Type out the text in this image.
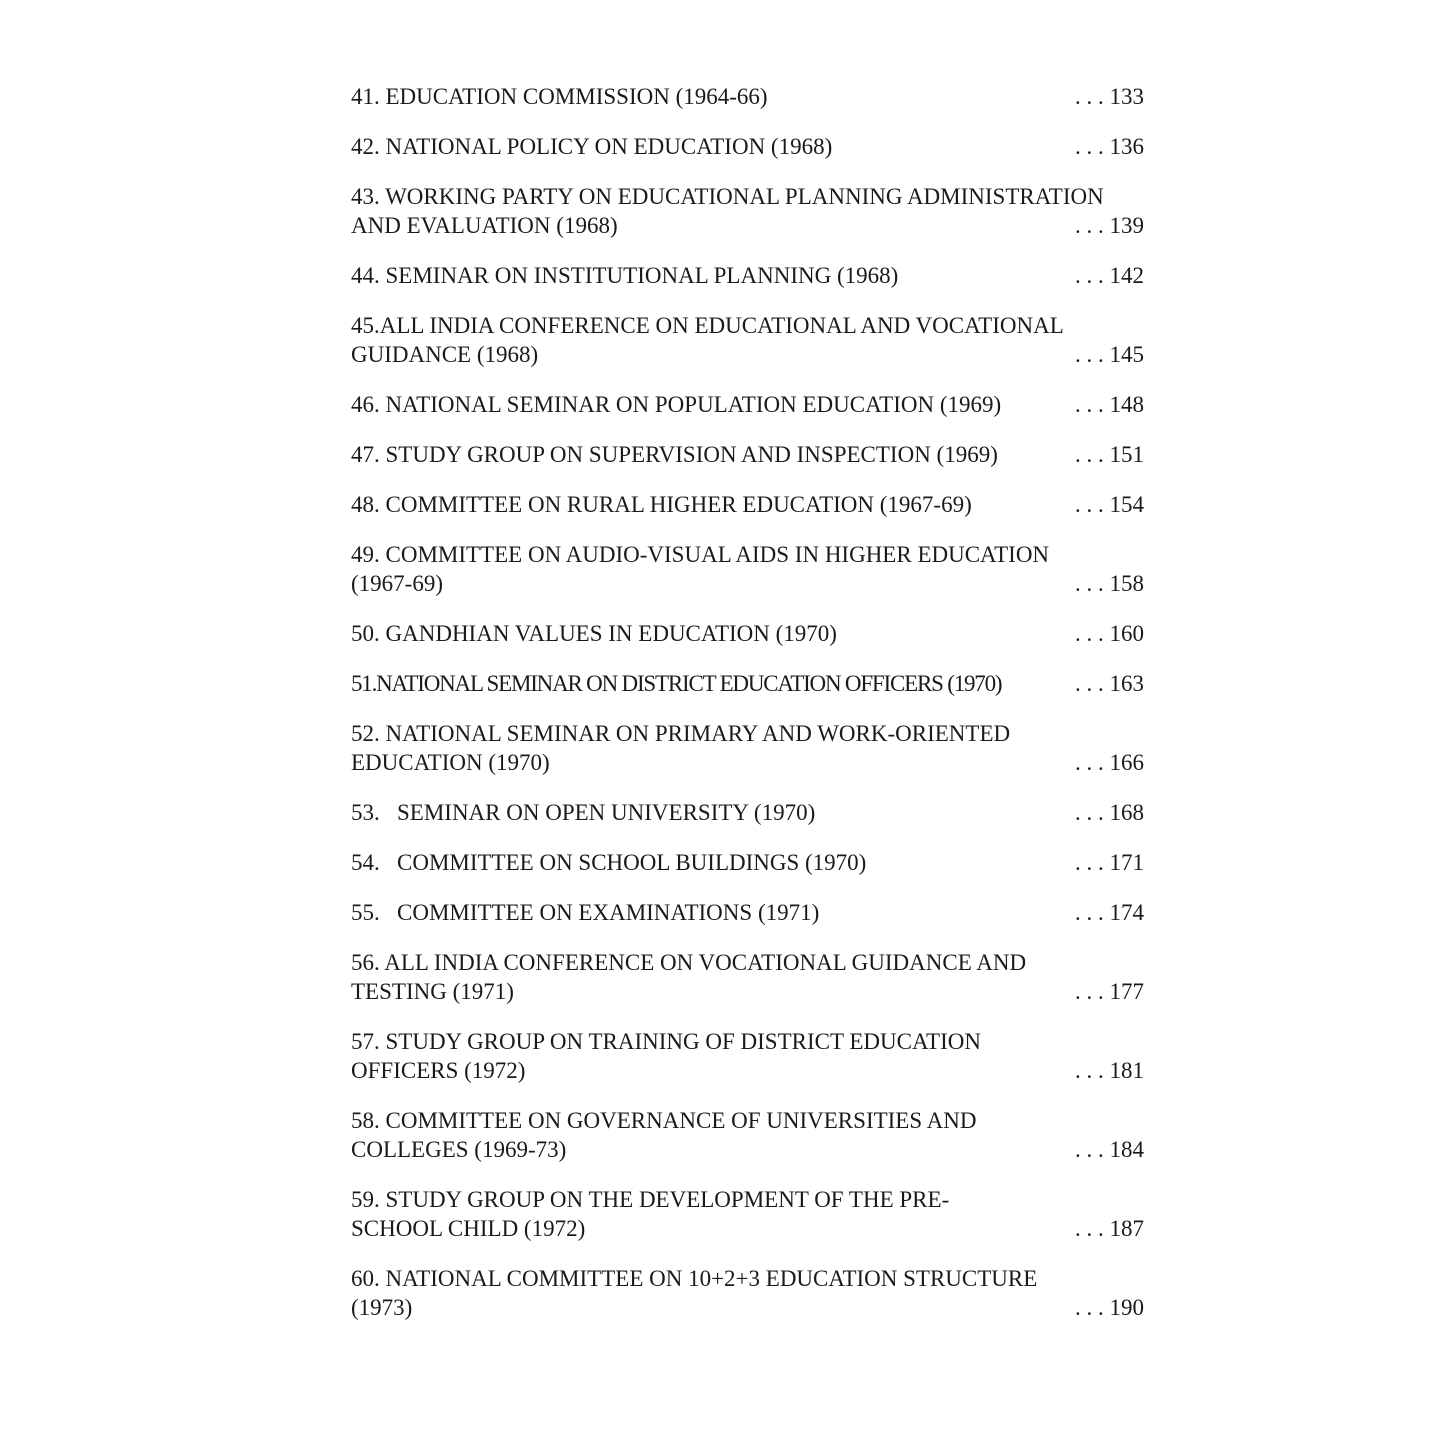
41. EDUCATION COMMISSION (1964-66)	. . . 133
42. NATIONAL POLICY ON EDUCATION (1968)	. . . 136
43. WORKING PARTY ON EDUCATIONAL PLANNING ADMINISTRATION
AND EVALUATION (1968)	. . . 139
44. SEMINAR ON INSTITUTIONAL PLANNING (1968)	. . . 142
45.ALL INDIA CONFERENCE ON EDUCATIONAL AND VOCATIONAL
GUIDANCE (1968)	. . . 145
46. NATIONAL SEMINAR ON POPULATION EDUCATION (1969)	. . . 148
47. STUDY GROUP ON SUPERVISION AND INSPECTION (1969)	. . . 151
48. COMMITTEE ON RURAL HIGHER EDUCATION (1967-69)	. . . 154
49. COMMITTEE ON AUDIO-VISUAL AIDS IN HIGHER EDUCATION
(1967-69)	. . . 158
50. GANDHIAN VALUES IN EDUCATION (1970)	. . . 160
51.NATIONAL SEMINAR ON DISTRICT EDUCATION OFFICERS (1970)	. . . 163
52. NATIONAL SEMINAR ON PRIMARY AND WORK-ORIENTED
EDUCATION (1970)	. . . 166
53.   SEMINAR ON OPEN UNIVERSITY (1970)	. . . 168
54.   COMMITTEE ON SCHOOL BUILDINGS (1970)	. . . 171
55.   COMMITTEE ON EXAMINATIONS (1971)	. . . 174
56. ALL INDIA CONFERENCE ON VOCATIONAL GUIDANCE AND
TESTING (1971)	. . . 177
57. STUDY GROUP ON TRAINING OF DISTRICT EDUCATION
OFFICERS (1972)	. . . 181
58. COMMITTEE ON GOVERNANCE OF UNIVERSITIES AND
COLLEGES (1969-73)	. . . 184
59. STUDY GROUP ON THE DEVELOPMENT OF THE PRE-
SCHOOL CHILD (1972)	. . . 187
60. NATIONAL COMMITTEE ON 10+2+3 EDUCATION STRUCTURE
(1973)	. . . 190
